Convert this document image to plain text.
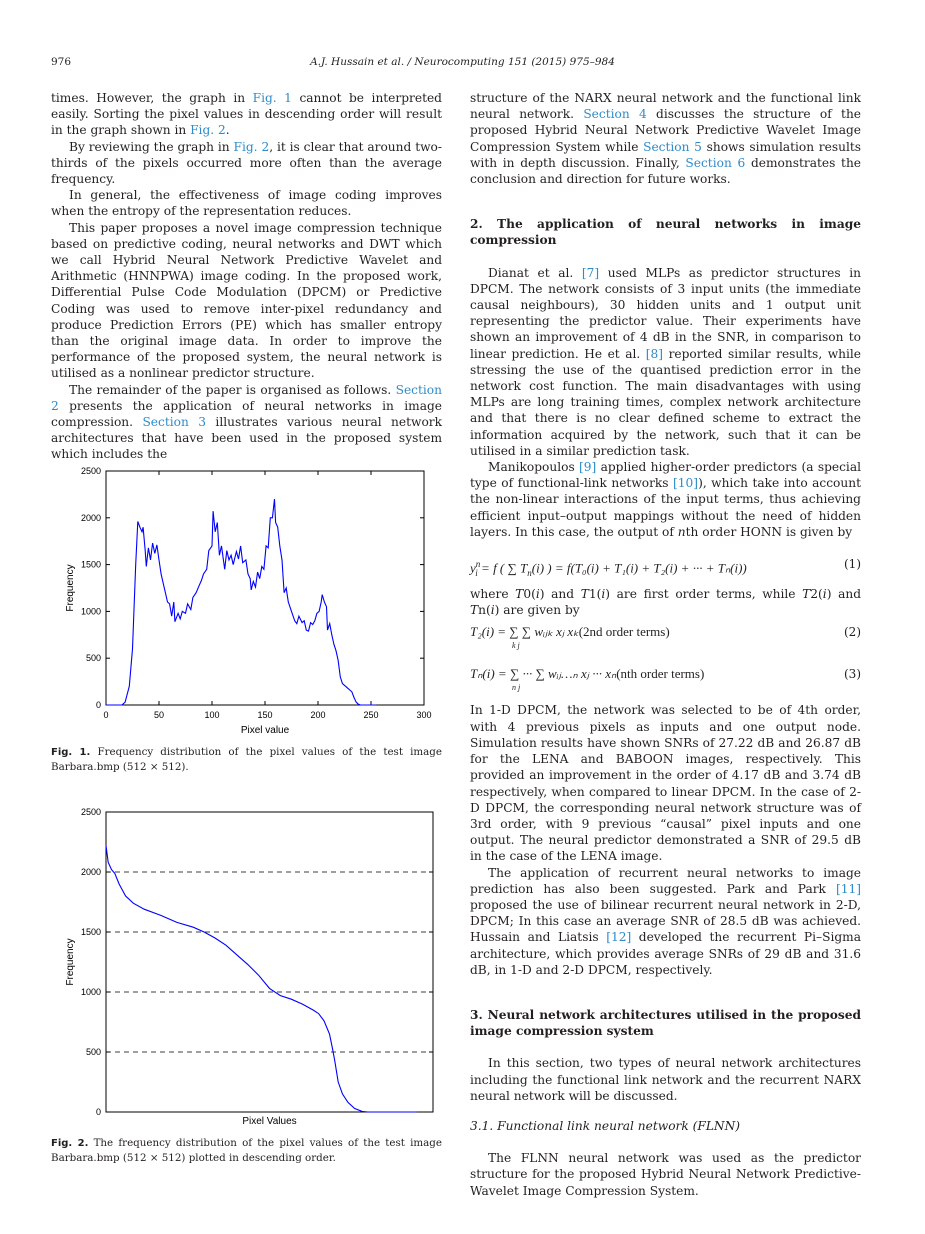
976	A.J. Hussain et al. / Neurocomputing 151 (2015) 975–984

times. However, the graph in Fig. 1 cannot be interpreted easily. Sorting the pixel values in descending order will result in the graph shown in Fig. 2.

By reviewing the graph in Fig. 2, it is clear that around two-thirds of the pixels occurred more often than the average frequency.

In general, the effectiveness of image coding improves when the entropy of the representation reduces.

This paper proposes a novel image compression technique based on predictive coding, neural networks and DWT which we call Hybrid Neural Network Predictive Wavelet and Arithmetic (HNNPWA) image coding. In the proposed work, Differential Pulse Code Modulation (DPCM) or Predictive Coding was used to remove inter-pixel redundancy and produce Prediction Errors (PE) which has smaller entropy than the original image data. In order to improve the performance of the proposed system, the neural network is utilised as a nonlinear predictor structure.

The remainder of the paper is organised as follows. Section 2 presents the application of neural networks in image compression. Section 3 illustrates various neural network architectures that have been used in the proposed system which includes the

0
500
1000
1500
2000
2500
0	50	100	150	200	250	300
Pixel value
Frequency
Fig. 1. Frequency distribution of the pixel values of the test image Barbara.bmp (512 × 512).
0
500
1000
1500
2000
2500
Pixel Values
Frequency
Fig. 2. The frequency distribution of the pixel values of the test image Barbara.bmp (512 × 512) plotted in descending order.

structure of the NARX neural network and the functional link neural network. Section 4 discusses the structure of the proposed Hybrid Neural Network Predictive Wavelet Image Compression System while Section 5 shows simulation results with in depth discussion. Finally, Section 6 demonstrates the conclusion and direction for future works.

2. The application of neural networks in image compression

Dianat et al. [7] used MLPs as predictor structures in DPCM. The network consists of 3 input units (the immediate causal neighbours), 30 hidden units and 1 output unit representing the predictor value. Their experiments have shown an improvement of 4 dB in the SNR, in comparison to linear prediction. He et al. [8] reported similar results, while stressing the use of the quantised prediction error in the network cost function. The main disadvantages with using MLPs are long training times, complex network architecture and that there is no clear defined scheme to extract the information acquired by the network, such that it can be utilised in a similar prediction task.

Manikopoulos [9] applied higher-order predictors (a special type of functional-link networks [10]), which take into account the non-linear interactions of the input terms, thus achieving efficient input–output mappings without the need of hidden layers. In this case, the output of nth order HONN is given by

$y^n_i = f$ ( ∑ $T_n(i)$ ) = f(T₀(i) + T₁(i) + T₂(i) + ··· + Tₙ(i))	(1)

where T0(i) and T1(i) are first order terms, while T2(i) and Tn(i) are given by

T₂(i) = ∑ ∑ wᵢⱼₖ xⱼ xₖ(2nd order terms)
k j
(2)
Tₙ(i) = ∑ ··· ∑ wᵢⱼ…ₙ xⱼ ··· xₙ(nth order terms)
n j
(3)

In 1-D DPCM, the network was selected to be of 4th order, with 4 previous pixels as inputs and one output node. Simulation results have shown SNRs of 27.22 dB and 26.87 dB for the LENA and BABOON images, respectively. This provided an improvement in the order of 4.17 dB and 3.74 dB respectively, when compared to linear DPCM. In the case of 2-D DPCM, the corresponding neural network structure was of 3rd order, with 9 previous “causal” pixel inputs and one output. The neural predictor demonstrated a SNR of 29.5 dB in the case of the LENA image.

The application of recurrent neural networks to image prediction has also been suggested. Park and Park [11] proposed the use of bilinear recurrent neural network in 2-D, DPCM; In this case an average SNR of 28.5 dB was achieved. Hussain and Liatsis [12] developed the recurrent Pi–Sigma architecture, which provides average SNRs of 29 dB and 31.6 dB, in 1-D and 2-D DPCM, respectively.

3. Neural network architectures utilised in the proposed image compression system

In this section, two types of neural network architectures including the functional link network and the recurrent NARX neural network will be discussed.

3.1. Functional link neural network (FLNN)

The FLNN neural network was used as the predictor structure for the proposed Hybrid Neural Network Predictive-Wavelet Image Compression System.
